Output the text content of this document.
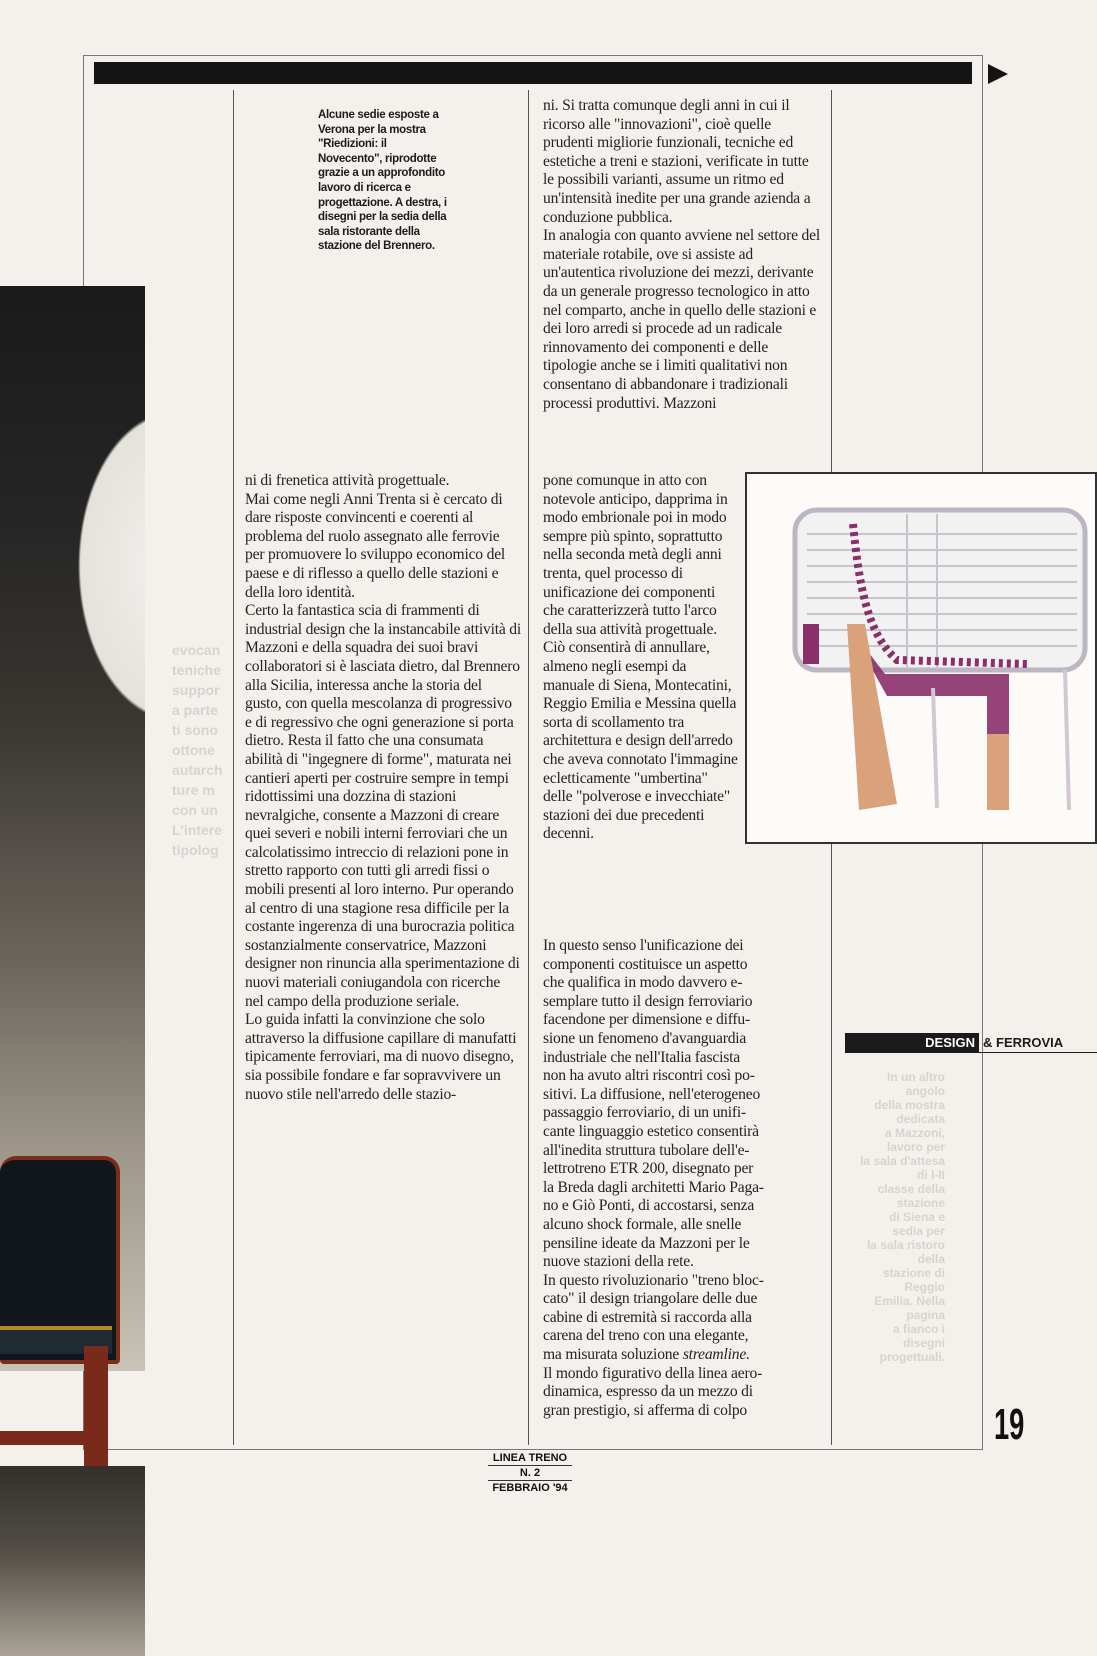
evocan
teniche
suppor
a parte
ti sono
ottone
autarch
ture m
con un
L'intere
tipolog
In un altro angolo
della mostra dedicata
a Mazzoni, lavoro per
la sala d'attesa di I-II
classe della stazione
di Siena e sedia per
la sala ristoro della
stazione di Reggio
Emilia. Nella pagina
a fianco i disegni
progettuali.

Alcune sedie esposte a Verona per la mostra "Riedizioni: il Novecento", riprodotte grazie a un approfondito lavoro di ricerca e progettazione. A destra, i disegni per la sedia della sala ristorante della stazione del Brennero.

ni di frenetica attività progettuale.

Mai come negli Anni Trenta si è cercato di dare risposte convincenti e coerenti al problema del ruolo assegnato alle ferrovie per promuovere lo sviluppo economico del paese e di riflesso a quello delle stazioni e della loro identità.

Certo la fantastica scia di frammenti di industrial design che la instancabile attività di Mazzoni e della squadra dei suoi bravi collaboratori si è lasciata dietro, dal Brennero alla Sicilia, interessa anche la storia del gusto, con quella mescolanza di progressivo e di regressivo che ogni generazione si porta dietro. Resta il fatto che una consumata abilità di "ingegnere di forme", maturata nei cantieri aperti per costruire sempre in tempi ridottissimi una dozzina di stazioni nevralgiche, consente a Mazzoni di creare quei severi e nobili interni ferroviari che un calcolatissimo intreccio di relazioni pone in stretto rapporto con tutti gli arredi fissi o mobili presenti al loro interno. Pur operando al centro di una stagione resa difficile per la costante ingerenza di una burocrazia politica sostanzialmente conservatrice, Mazzoni designer non rinuncia alla sperimentazione di nuovi materiali coniugandola con ricerche nel campo della produzione seriale.

Lo guida infatti la convinzione che solo attraverso la diffusione capillare di manufatti tipicamente ferroviari, ma di nuovo disegno, sia possibile fondare e far sopravvivere un nuovo stile nell'arredo delle stazio-

ni. Si tratta comunque degli anni in cui il ricorso alle "innovazioni", cioè quelle prudenti migliorie funzionali, tecniche ed estetiche a treni e stazioni, verificate in tutte le possibili varianti, assume un ritmo ed un'intensità inedite per una grande azienda a conduzione pubblica.

In analogia con quanto avviene nel settore del materiale rotabile, ove si assiste ad un'autentica rivoluzione dei mezzi, derivante da un generale progresso tecnologico in atto nel comparto, anche in quello delle stazioni e dei loro arredi si procede ad un radicale rinnovamento dei componenti e delle tipologie anche se i limiti qualitativi non consentano di abbandonare i tradizionali processi produttivi. Mazzoni

pone comunque in atto con notevole anticipo, dapprima in modo embrionale poi in modo sempre più spinto, soprattutto nella seconda metà degli anni trenta, quel processo di unificazione dei componenti che caratterizzerà tutto l'arco della sua attività progettuale. Ciò consentirà di annullare, almeno negli esempi da manuale di Siena, Montecatini, Reggio Emilia e Messina quella sorta di scollamento tra architettura e design dell'arredo che aveva connotato l'immagine ecletticamente "umbertina" delle "polverose e invecchiate" stazioni dei due precedenti decenni.

In questo senso l'unificazione dei
componenti costituisce un aspetto
che qualifica in modo davvero e-
semplare tutto il design ferroviario
facendone per dimensione e diffu-
sione un fenomeno d'avanguardia
industriale che nell'Italia fascista
non ha avuto altri riscontri così po-
sitivi. La diffusione, nell'eterogeneo
passaggio ferroviario, di un unifi-
cante linguaggio estetico consentirà
all'inedita struttura tubolare dell'e-
lettrotreno ETR 200, disegnato per
la Breda dagli architetti Mario Paga-
no e Giò Ponti, di accostarsi, senza
alcuno shock formale, alle snelle
pensiline ideate da Mazzoni per le
nuove stazioni della rete.
In questo rivoluzionario "treno bloc-
cato" il design triangolare delle due
cabine di estremità si raccorda alla
carena del treno con una elegante,
ma misurata soluzione streamline.
Il mondo figurativo della linea aero-
dinamica, espresso da un mezzo di
gran prestigio, si afferma di colpo
DESIGN & FERROVIA
19
LINEA TRENO
N. 2
FEBBRAIO '94
